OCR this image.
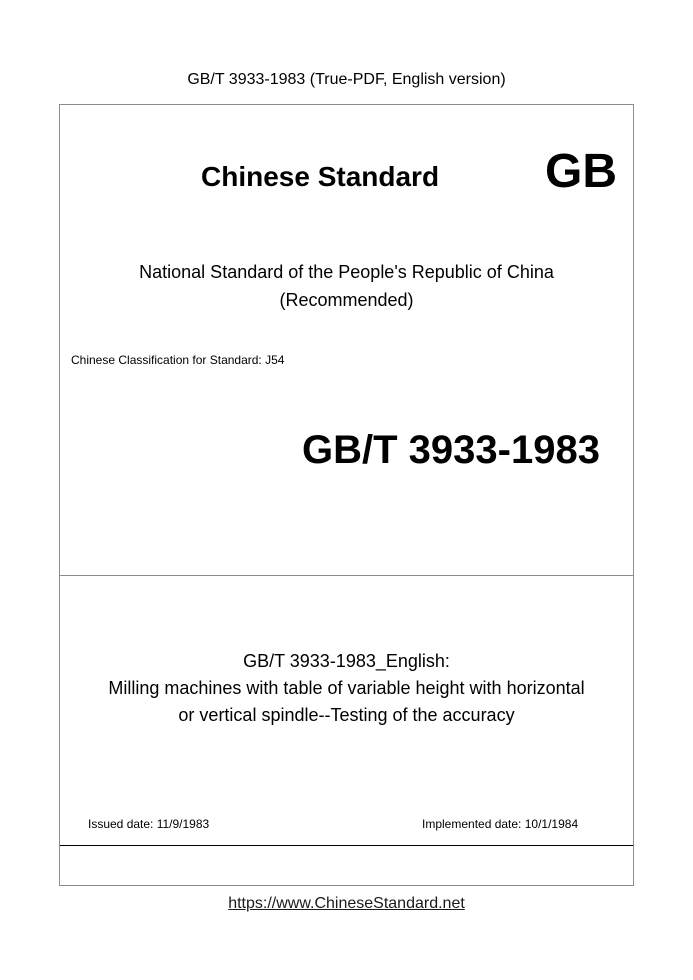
GB/T 3933-1983 (True-PDF, English version)
Chinese Standard GB
National Standard of the People's Republic of China
(Recommended)
Chinese Classification for Standard: J54
GB/T 3933-1983
GB/T 3933-1983_English:
Milling machines with table of variable height with horizontal
or vertical spindle--Testing of the accuracy
Issued date: 11/9/1983	Implemented date: 10/1/1984
https://www.ChineseStandard.net
